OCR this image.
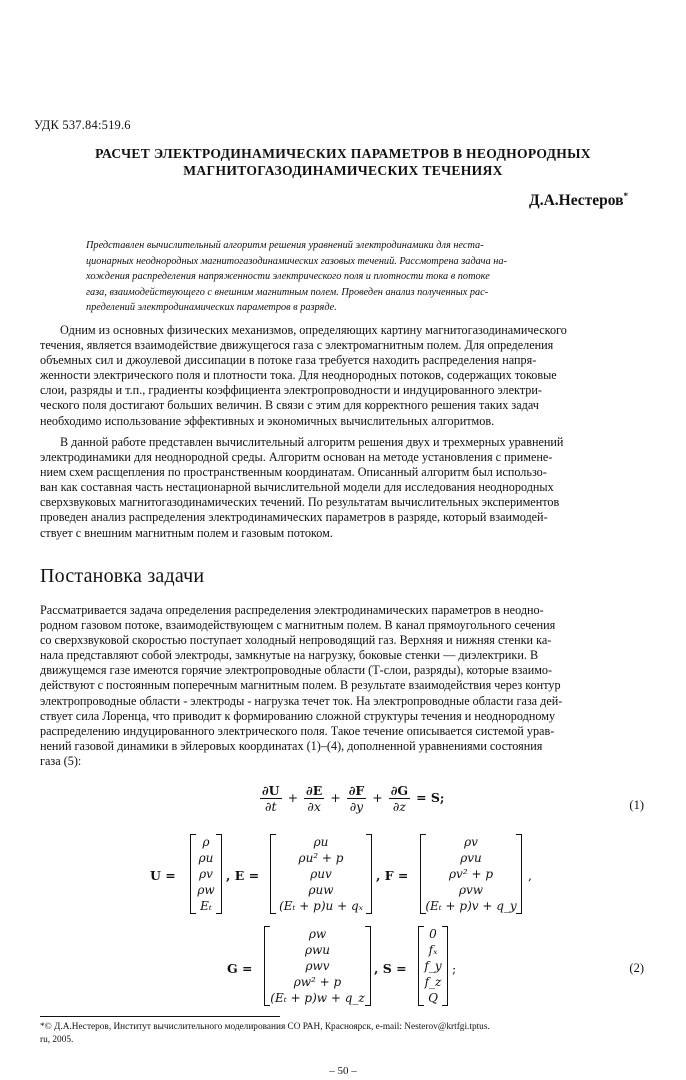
УДК 537.84:519.6
РАСЧЕТ ЭЛЕКТРОДИНАМИЧЕСКИХ ПАРАМЕТРОВ В НЕОДНОРОДНЫХ
МАГНИТОГАЗОДИНАМИЧЕСКИХ ТЕЧЕНИЯХ
Д.А.Нестеров*
Представлен вычислительный алгоритм решения уравнений электродинамики для неста-
ционарных неоднородных магнитогазодинамических газовых течений. Рассмотрена задача на-
хождения распределения напряженности электрического поля и плотности тока в потоке
газа, взаимодействующего с внешним магнитным полем. Проведен анализ полученных рас-
пределений электродинамических параметров в разряде.
Одним из основных физических механизмов, определяющих картину магнитогазодинамического
течения, является взаимодействие движущегося газа с электромагнитным полем. Для определения
объемных сил и джоулевой диссипации в потоке газа требуется находить распределения напря-
женности электрического поля и плотности тока. Для неоднородных потоков, содержащих токовые
слои, разряды и т.п., градиенты коэффициента электропроводности и индуцированного электри-
ческого поля достигают больших величин. В связи с этим для корректного решения таких задач
необходимо использование эффективных и экономичных вычислительных алгоритмов.
В данной работе представлен вычислительный алгоритм решения двух и трехмерных уравнений
электродинамики для неоднородной среды. Алгоритм основан на методе установления с примене-
нием схем расщепления по пространственным координатам. Описанный алгоритм был использо-
ван как составная часть нестационарной вычислительной модели для исследования неоднородных
сверхзвуковых магнитогазодинамических течений. По результатам вычислительных экспериментов
проведен анализ распределения электродинамических параметров в разряде, который взаимодей-
ствует с внешним магнитным полем и газовым потоком.
Постановка задачи
Рассматривается задача определения распределения электродинамических параметров в неодно-
родном газовом потоке, взаимодействующем с магнитным полем. В канал прямоугольного сечения
со сверхзвуковой скоростью поступает холодный непроводящий газ. Верхняя и нижняя стенки ка-
нала представляют собой электроды, замкнутые на нагрузку, боковые стенки — диэлектрики. В
движущемся газе имеются горячие электропроводные области (Т-слои, разряды), которые взаимо-
действуют с постоянным поперечным магнитным полем. В результате взаимодействия через контур
электропроводные области - электроды - нагрузка течет ток. На электропроводные области газа дей-
ствует сила Лоренца, что приводит к формированию сложной структуры течения и неоднородному
распределению индуцированного электрического поля. Такое течение описывается системой урав-
нений газовой динамики в эйлеровых координатах (1)–(4), дополненной уравнениями состояния
газа (5):
$\frac{\partial U}{\partial t} + \frac{\partial E}{\partial x} + \frac{\partial F}{\partial y} + \frac{\partial G}{\partial z} = S$;	(1)
U =
ρ
ρu
ρv
ρw
Eₜ
, E =
ρu
ρu² + p
ρuv
ρuw
(Eₜ + p)u + qₓ
, F =
ρv
ρvu
ρv² + p
ρvw
(Eₜ + p)v + q_y
,
G =
ρw
ρwu
ρwv
ρw² + p
(Eₜ + p)w + q_z
, S =
0
fₓ
f_y
f_z
Q
;	(2)
*© Д.А.Нестеров, Институт вычислительного моделирования СО РАН, Красноярск, e-mail: Nesterov@krtfgi.tptus.
ru, 2005.
– 50 –
